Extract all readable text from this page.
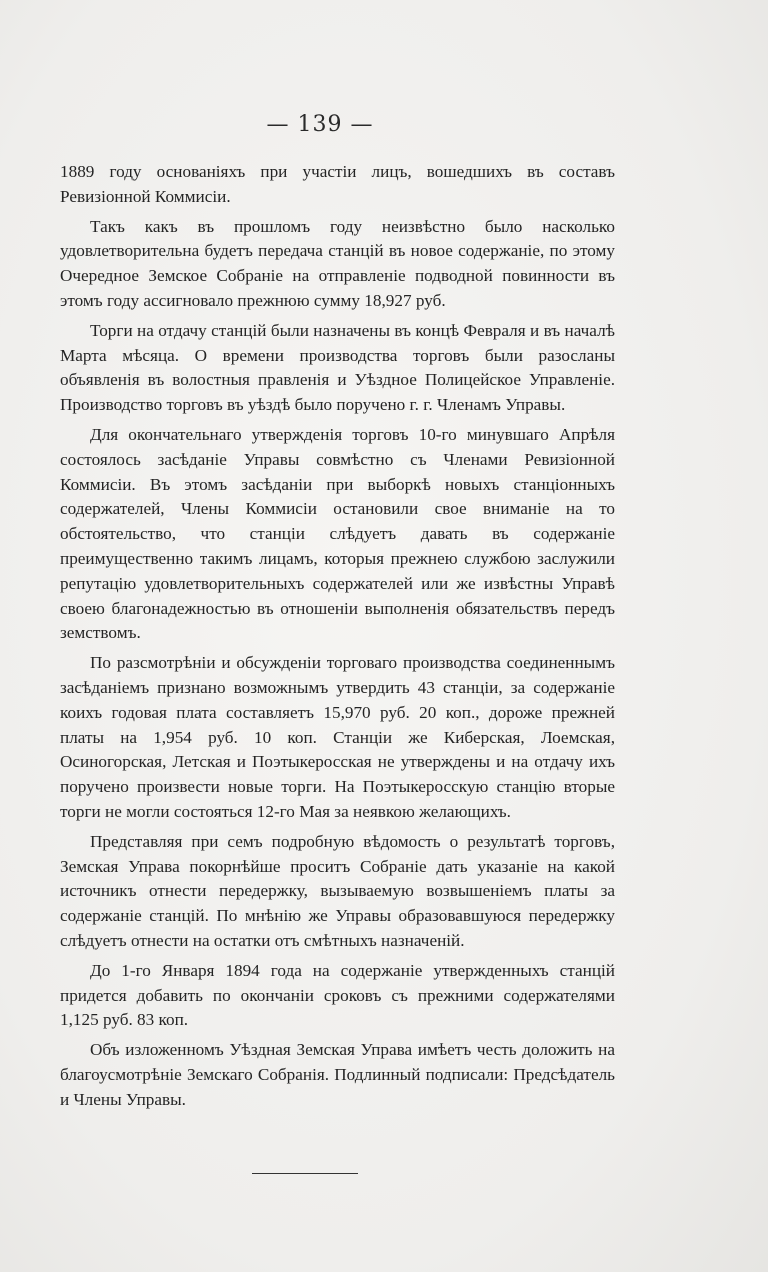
— 139 —

1889 году основаніяхъ при участіи лицъ, вошедшихъ въ составъ Ревизіонной Коммисіи.

Такъ какъ въ прошломъ году неизвѣстно было насколько удовлетворительна будетъ передача станцій въ новое содержаніе, по этому Очередное Земское Собраніе на отправленіе подводной повинности въ этомъ году ассигновало прежнюю сумму 18,927 руб.

Торги на отдачу станцій были назначены въ концѣ Февраля и въ началѣ Марта мѣсяца. О времени производства торговъ были разосланы объявленія въ волостныя правленія и Уѣздное Полицейское Управленіе. Производство торговъ въ уѣздѣ было поручено г. г. Членамъ Управы.

Для окончательнаго утвержденія торговъ 10-го минувшаго Апрѣля состоялось засѣданіе Управы совмѣстно съ Членами Ревизіонной Коммисіи. Въ этомъ засѣданіи при выборкѣ новыхъ станціонныхъ содержателей, Члены Коммисіи остановили свое вниманіе на то обстоятельство, что станціи слѣдуетъ давать въ содержаніе преимущественно такимъ лицамъ, которыя прежнею службою заслужили репутацію удовлетворительныхъ содержателей или же извѣстны Управѣ своею благонадежностью въ отношеніи выполненія обязательствъ передъ земствомъ.

По разсмотрѣніи и обсужденіи торговаго производства соединеннымъ засѣданіемъ признано возможнымъ утвердить 43 станціи, за содержаніе коихъ годовая плата составляетъ 15,970 руб. 20 коп., дороже прежней платы на 1,954 руб. 10 коп. Станціи же Киберская, Лоемская, Осиногорская, Летская и Поэтыкеросская не утверждены и на отдачу ихъ поручено произвести новые торги. На Поэтыкеросскую станцію вторые торги не могли состояться 12-го Мая за неявкою желающихъ.

Представляя при семъ подробную вѣдомость о результатѣ торговъ, Земская Управа покорнѣйше проситъ Собраніе дать указаніе на какой источникъ отнести передержку, вызываемую возвышеніемъ платы за содержаніе станцій. По мнѣнію же Управы образовавшуюся передержку слѣдуетъ отнести на остатки отъ смѣтныхъ назначеній.

До 1-го Января 1894 года на содержаніе утвержденныхъ станцій придется добавить по окончаніи сроковъ съ прежними содержателями 1,125 руб. 83 коп.

Объ изложенномъ Уѣздная Земская Управа имѣетъ честь доложить на благоусмотрѣніе Земскаго Собранія. Подлинный подписали: Предсѣдатель и Члены Управы.
